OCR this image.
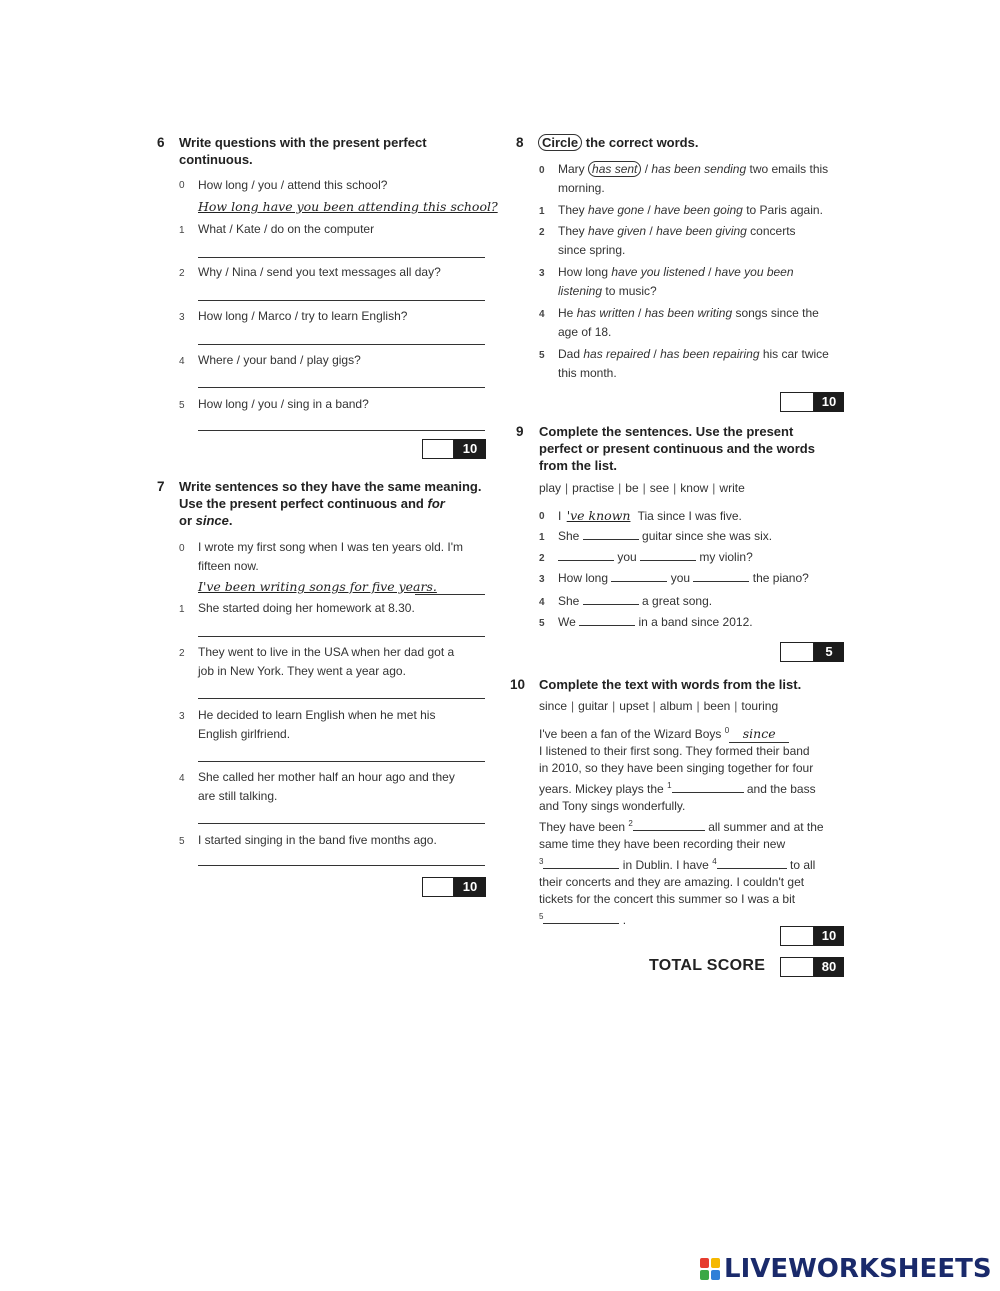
6 Write questions with the present perfect
continuous.
0 How long / you / attend this school?
How long have you been attending this school?
1 What / Kate / do on the computer
2 Why / Nina / send you text messages all day?
3 How long / Marco / try to learn English?
4 Where / your band / play gigs?
5 How long / you / sing in a band?
10
7 Write sentences so they have the same meaning.
Use the present perfect continuous and for
or since.
0 I wrote my first song when I was ten years old. I'm
fifteen now.
I've been writing songs for five years.
1 She started doing her homework at 8.30.
2 They went to live in the USA when her dad got a
job in New York. They went a year ago.
3 He decided to learn English when he met his
English girlfriend.
4 She called her mother half an hour ago and they
are still talking.
5 I started singing in the band five months ago.
10
8	Circle the correct words.
0 Mary has sent / has been sending two emails this
morning.
1 They have gone / have been going to Paris again.
2 They have given / have been giving concerts
since spring.
3 How long have you listened / have you been
listening to music?
4 He has written / has been writing songs since the
age of 18.
5 Dad has repaired / has been repairing his car twice
this month.
10
9 Complete the sentences. Use the present
perfect or present continuous and the words
from the list.
play | practise | be | see | know | write
0 I 've known Tia since I was five.
1 She	guitar since she was six.
2	you	my violin?
3 How long	you	the piano?
4 She	a great song.
5 We	in a band since 2012.
5
10 Complete the text with words from the list.
since | guitar | upset | album | been | touring
I've been a fan of the Wizard Boys $^0$ since
I listened to their first song. They formed their band
in 2010, so they have been singing together for four
years. Mickey plays the $^1$	and the bass
and Tony sings wonderfully.
They have been $^2$	all summer and at the
same time they have been recording their new
$^3$	in Dublin. I have $^4$	to all
their concerts and they are amazing. I couldn't get
tickets for the concert this summer so I was a bit
$^5$	.
10
TOTAL SCORE	80
LIVEWORKSHEETS
